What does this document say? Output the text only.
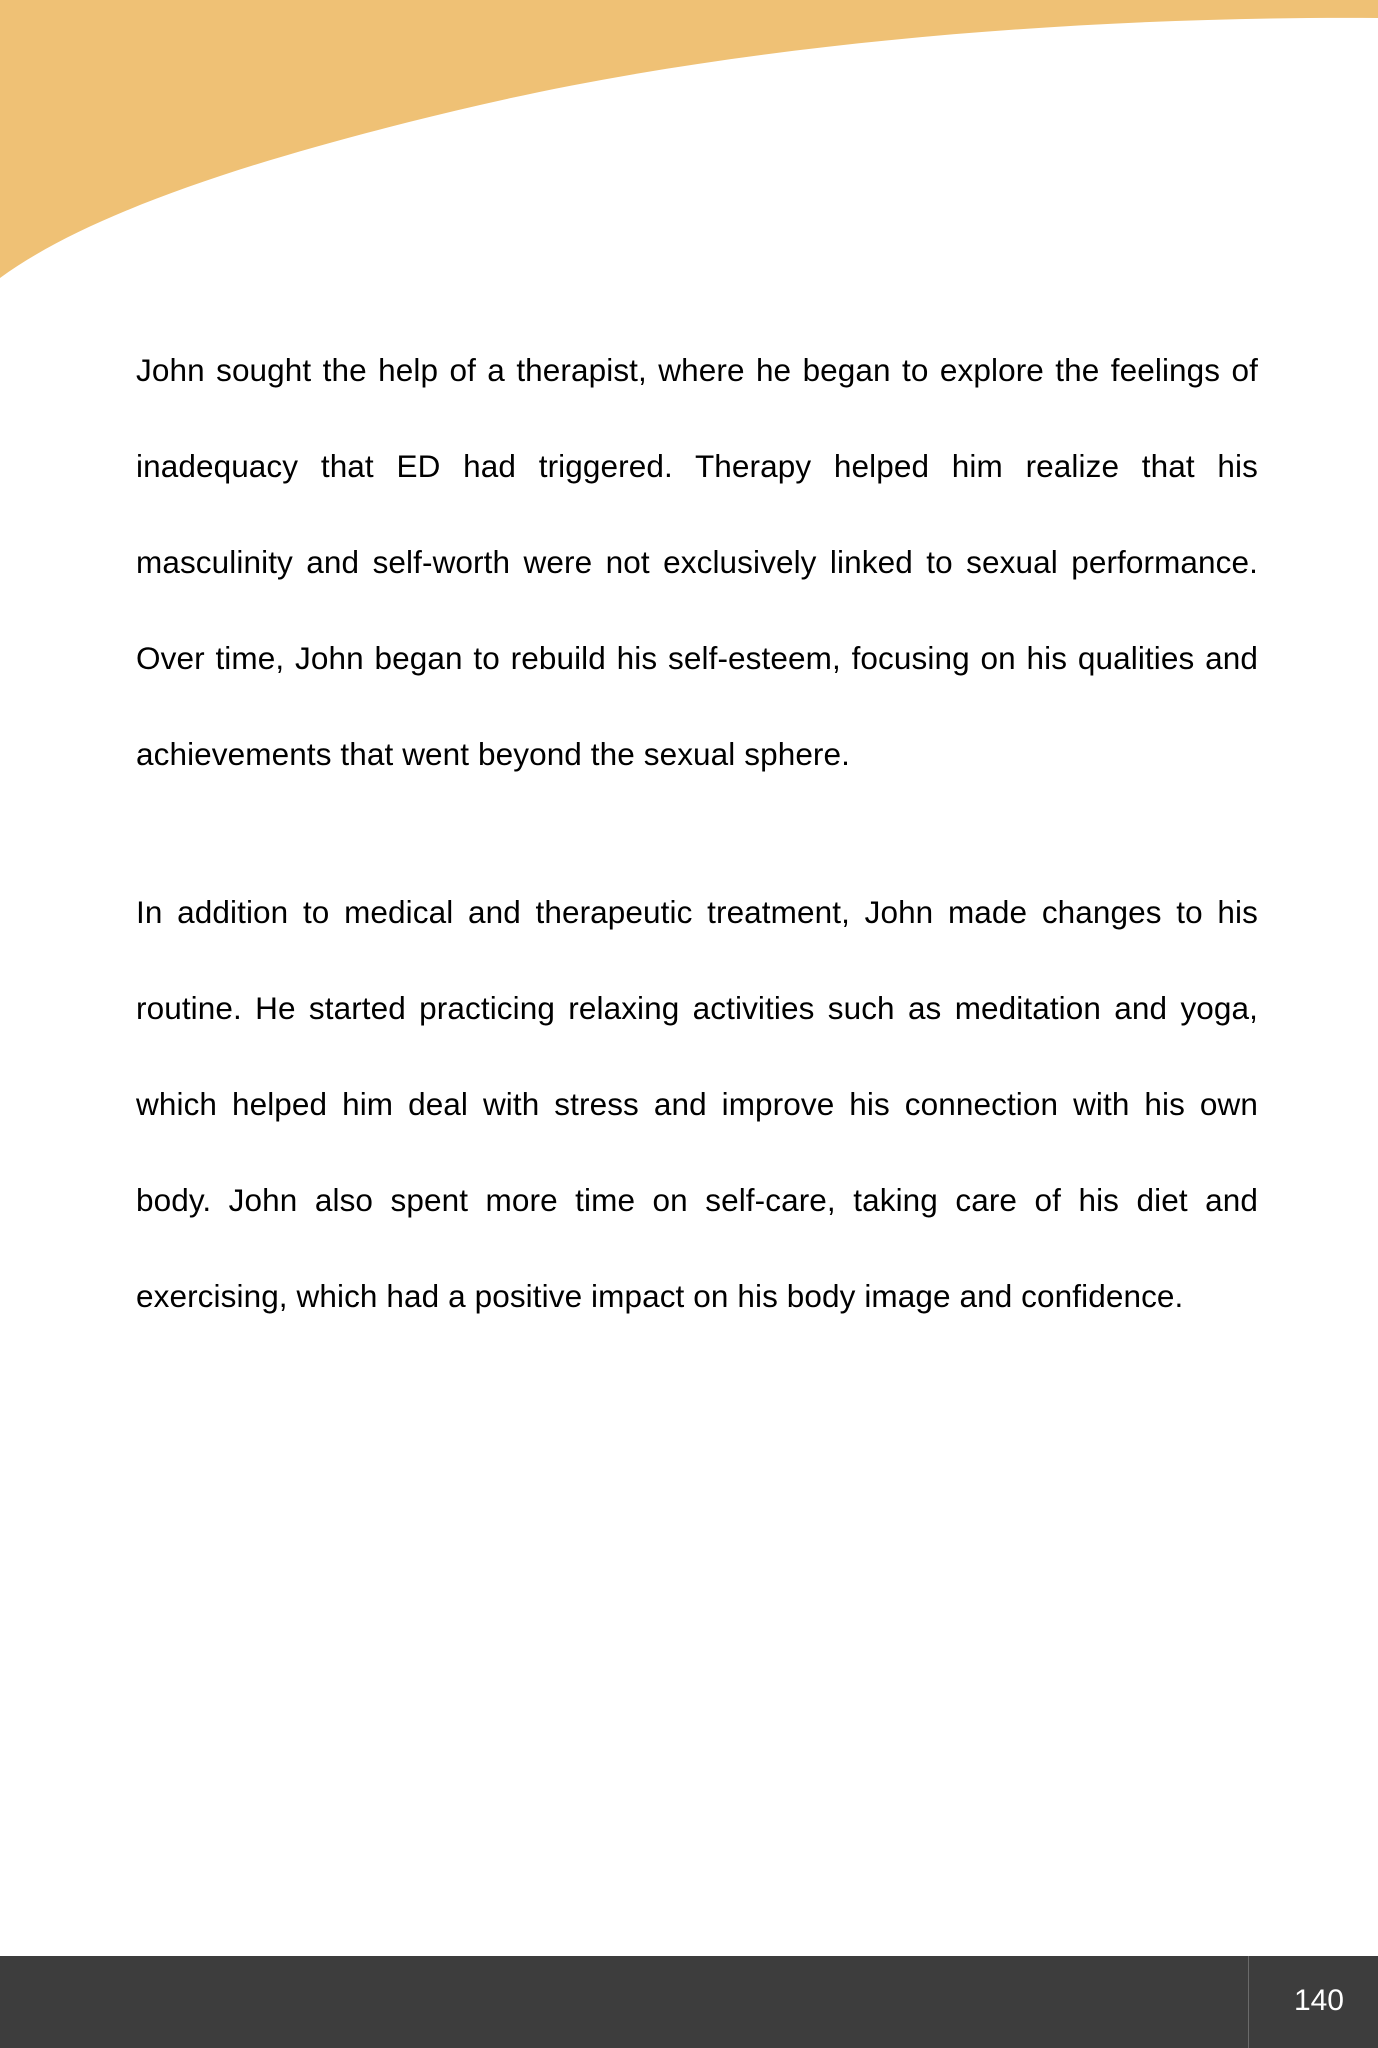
John sought the help of a therapist, where he began to explore the feelings of inadequacy that ED had triggered. Therapy helped him realize that his masculinity and self-worth were not exclusively linked to sexual performance. Over time, John began to rebuild his self-esteem, focusing on his qualities and achievements that went beyond the sexual sphere.

In addition to medical and therapeutic treatment, John made changes to his routine. He started practicing relaxing activities such as meditation and yoga, which helped him deal with stress and improve his connection with his own body. John also spent more time on self-care, taking care of his diet and exercising, which had a positive impact on his body image and confidence.

140
